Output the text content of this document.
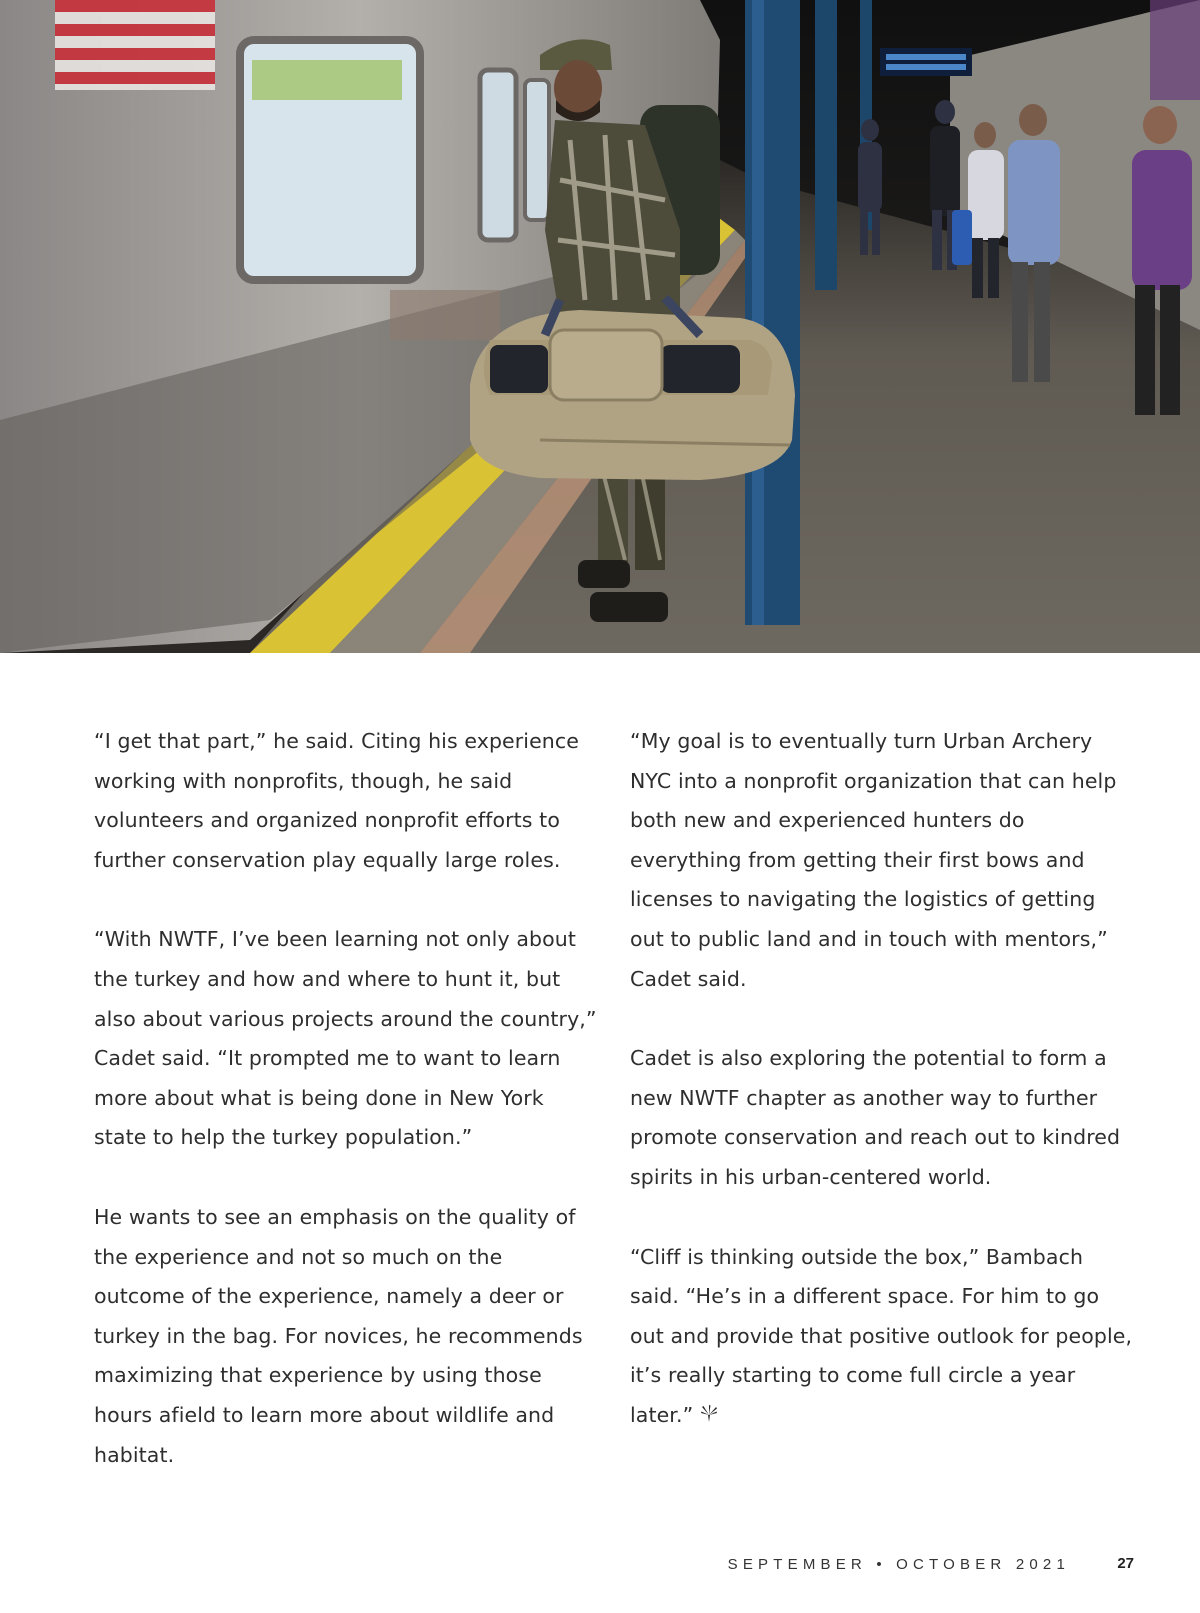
“I get that part,” he said. Citing his experience working with nonprofits, though, he said volunteers and organized nonprofit efforts to further conservation play equally large roles.

“With NWTF, I’ve been learning not only about the turkey and how and where to hunt it, but also about various projects around the country,” Cadet said. “It prompted me to want to learn more about what is being done in New York state to help the turkey population.”

He wants to see an emphasis on the quality of the experience and not so much on the outcome of the experience, namely a deer or turkey in the bag. For novices, he recommends maximizing that experience by using those hours afield to learn more about wildlife and habitat.

“My goal is to eventually turn Urban Archery NYC into a nonprofit organization that can help both new and experienced hunters do everything from getting their first bows and licenses to navigating the logistics of getting out to public land and in touch with mentors,” Cadet said.

Cadet is also exploring the potential to form a new NWTF chapter as another way to further promote conservation and reach out to kindred spirits in his urban-centered world.

“Cliff is thinking outside the box,” Bambach said. “He’s in a different space. For him to go out and provide that positive outlook for people, it’s really starting to come full circle a year later.”

SEPTEMBER • OCTOBER 2021	27
